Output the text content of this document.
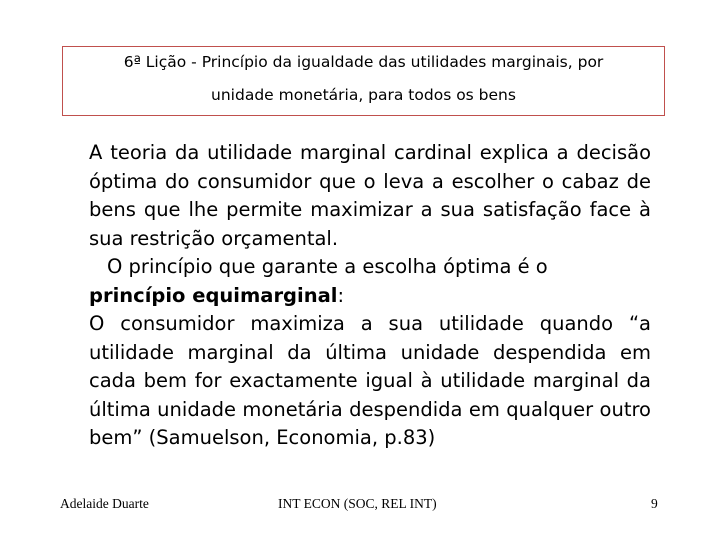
6ª Lição - Princípio da igualdade das utilidades marginais, por
unidade monetária, para todos os bens

A teoria da utilidade marginal cardinal explica a decisão óptima do consumidor que o leva a escolher o cabaz de bens que lhe permite maximizar a sua satisfação face à sua restrição orçamental.

O princípio que garante a escolha óptima é o

princípio equimarginal:

O consumidor maximiza a sua utilidade quando “a utilidade marginal da última unidade despendida em cada bem for exactamente igual à utilidade marginal da última unidade monetária despendida em qualquer outro bem” (Samuelson, Economia, p.83)

Adelaide Duarte	INT ECON (SOC, REL INT)	9
